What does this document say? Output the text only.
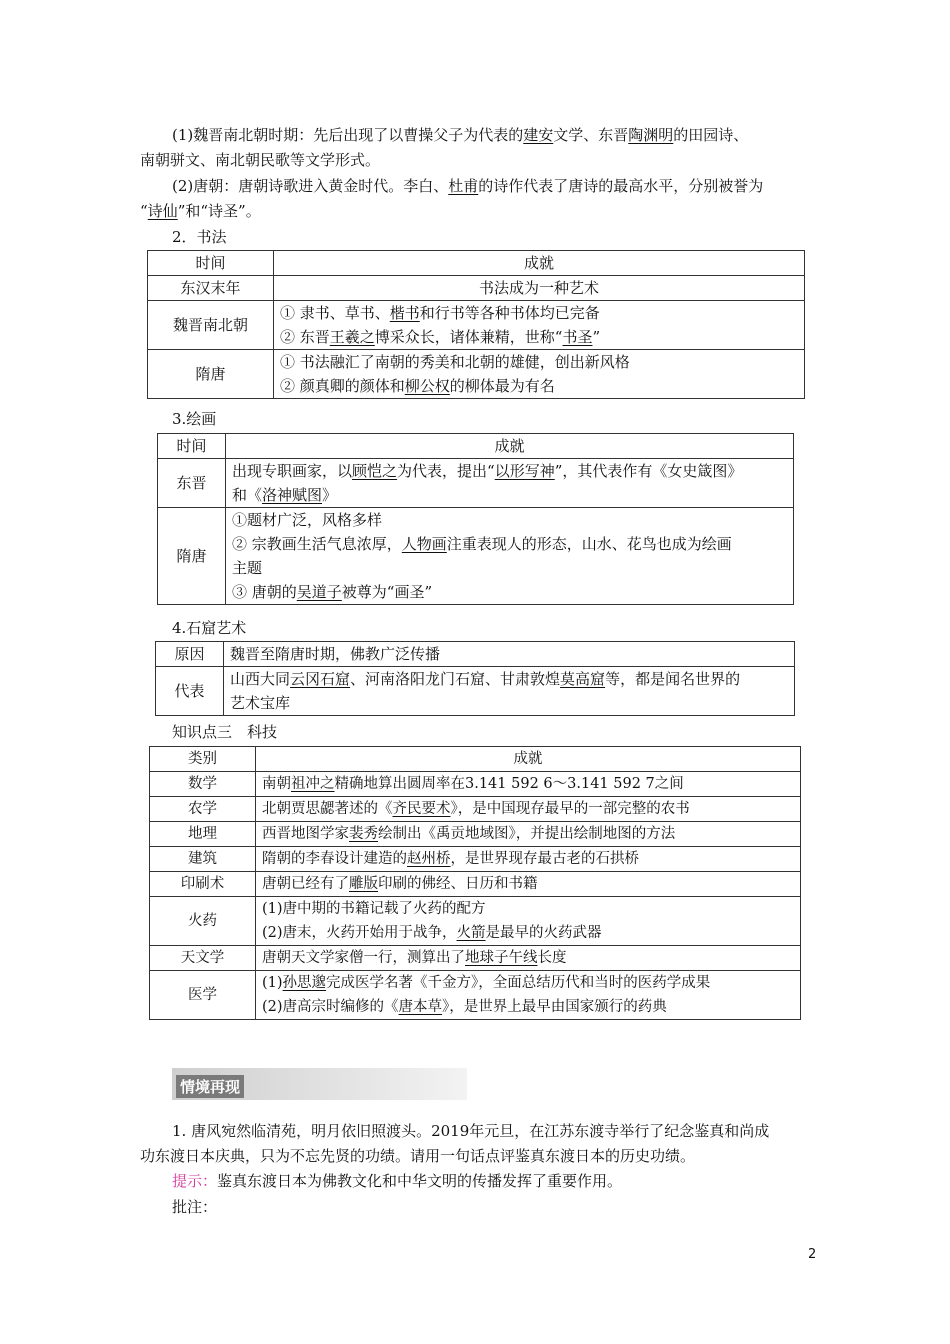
(1)魏晋南北朝时期：先后出现了以曹操父子为代表的建安文学、东晋陶渊明的田园诗、
南朝骈文、南北朝民歌等文学形式。
(2)唐朝：唐朝诗歌进入黄金时代。李白、杜甫的诗作代表了唐诗的最高水平，分别被誉为
“诗仙”和“诗圣”。
2．书法
时间	成就
东汉末年	书法成为一种艺术
魏晋南北朝	① 隶书、草书、楷书和行书等各种书体均已完备
② 东晋王羲之博采众长，诸体兼精，世称“书圣”

隋唐	① 书法融汇了南朝的秀美和北朝的雄健，创出新风格
② 颜真卿的颜体和柳公权的柳体最为有名
3.绘画
时间	成就
东晋	出现专职画家，以顾恺之为代表，提出“以形写神”，其代表作有《女史箴图》
和《洛神赋图》

隋唐	①题材广泛，风格多样
② 宗教画生活气息浓厚，人物画注重表现人的形态，山水、花鸟也成为绘画
主题
③ 唐朝的吴道子被尊为“画圣”
4.石窟艺术
原因	魏晋至隋唐时期，佛教广泛传播
代表	山西大同云冈石窟、河南洛阳龙门石窟、甘肃敦煌莫高窟等，都是闻名世界的
艺术宝库
知识点三　科技
类别	成就
数学	南朝祖冲之精确地算出圆周率在3.141 592 6～3.141 592 7之间
农学	北朝贾思勰著述的《齐民要术》，是中国现存最早的一部完整的农书
地理	西晋地图学家裴秀绘制出《禹贡地域图》，并提出绘制地图的方法
建筑	隋朝的李春设计建造的赵州桥，是世界现存最古老的石拱桥
印刷术	唐朝已经有了雕版印刷的佛经、日历和书籍
火药	(1)唐中期的书籍记载了火药的配方
(2)唐末，火药开始用于战争，火箭是最早的火药武器

天文学	唐朝天文学家僧一行，测算出了地球子午线长度
医学	(1)孙思邈完成医学名著《千金方》，全面总结历代和当时的医药学成果
(2)唐高宗时编修的《唐本草》，是世界上最早由国家颁行的药典
情境再现
1. 唐风宛然临清苑，明月依旧照渡头。2019年元旦，在江苏东渡寺举行了纪念鉴真和尚成
功东渡日本庆典，只为不忘先贤的功绩。请用一句话点评鉴真东渡日本的历史功绩。
提示：鉴真东渡日本为佛教文化和中华文明的传播发挥了重要作用。
批注：
2
